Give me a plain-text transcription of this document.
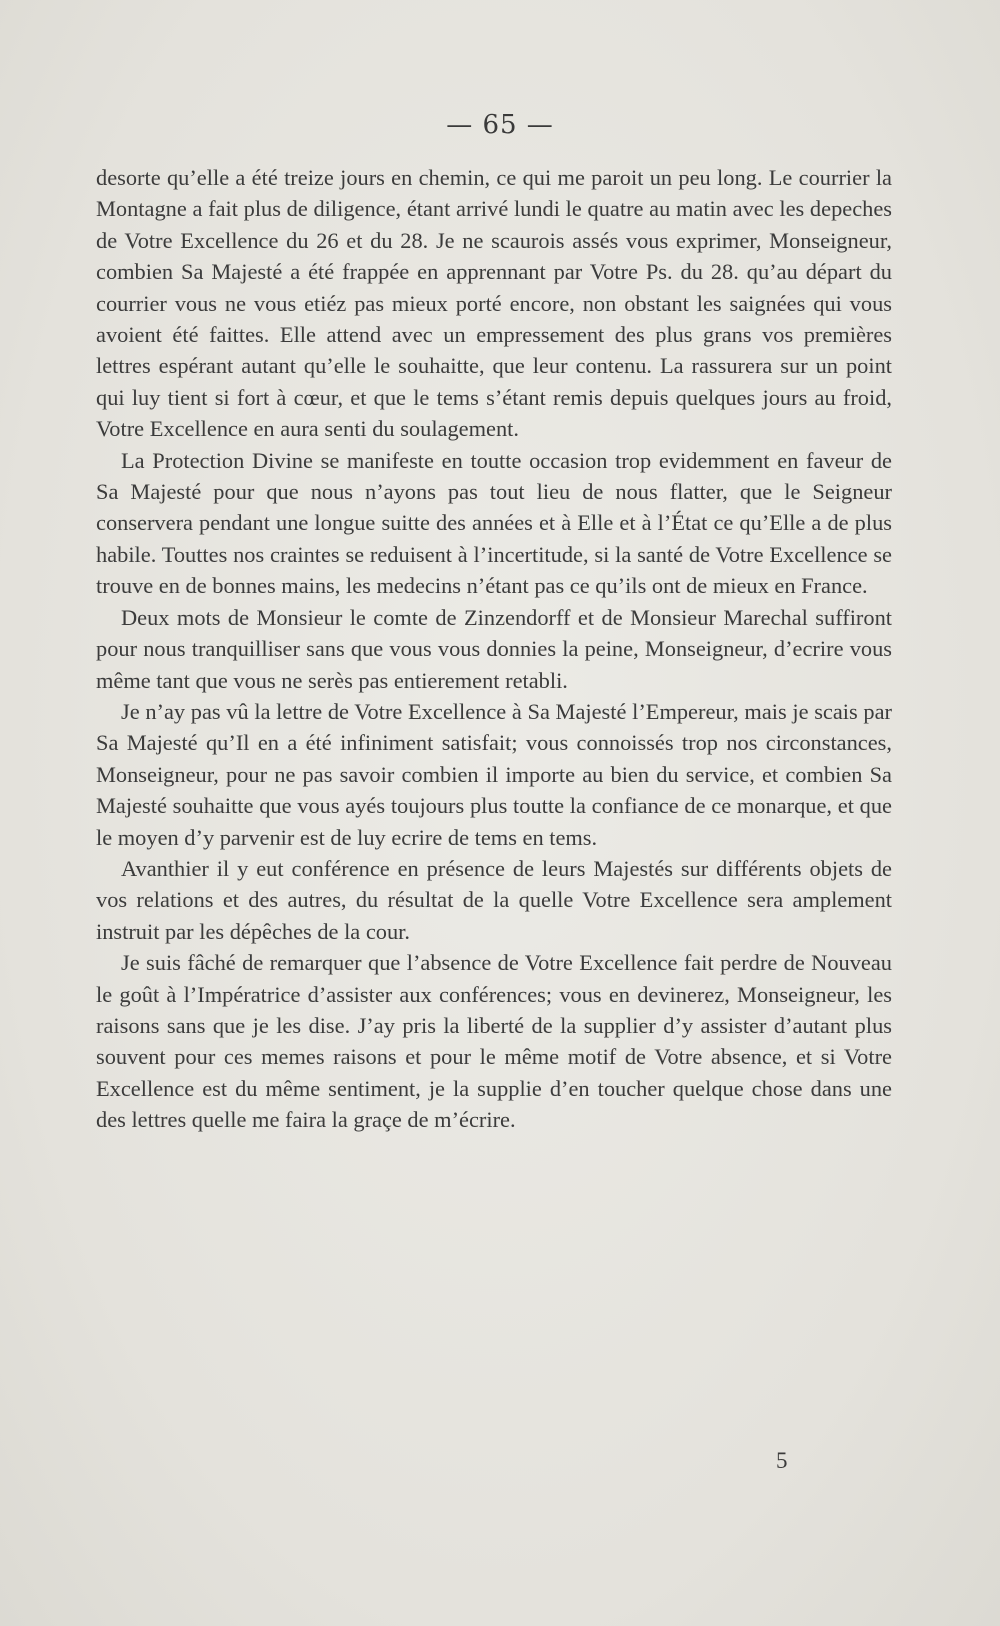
— 65 —

desorte qu’elle a été treize jours en chemin, ce qui me paroit un peu long. Le courrier la Montagne a fait plus de diligence, étant arrivé lundi le quatre au matin avec les depeches de Votre Excellence du 26 et du 28. Je ne scaurois assés vous exprimer, Monseigneur, combien Sa Majesté a été frappée en apprennant par Votre Ps. du 28. qu’au départ du courrier vous ne vous etiéz pas mieux porté encore, non obstant les saignées qui vous avoient été faittes. Elle attend avec un empressement des plus grans vos premières lettres espérant autant qu’elle le souhaitte, que leur contenu. La rassurera sur un point qui luy tient si fort à cœur, et que le tems s’étant remis depuis quelques jours au froid, Votre Excellence en aura senti du soulagement.

La Protection Divine se manifeste en toutte occasion trop evidemment en faveur de Sa Majesté pour que nous n’ayons pas tout lieu de nous flatter, que le Seigneur conservera pendant une longue suitte des années et à Elle et à l’État ce qu’Elle a de plus habile. Touttes nos craintes se reduisent à l’incertitude, si la santé de Votre Excellence se trouve en de bonnes mains, les medecins n’étant pas ce qu’ils ont de mieux en France.

Deux mots de Monsieur le comte de Zinzendorff et de Monsieur Marechal suffiront pour nous tranquilliser sans que vous vous donnies la peine, Monseigneur, d’ecrire vous même tant que vous ne serès pas entierement retabli.

Je n’ay pas vû la lettre de Votre Excellence à Sa Majesté l’Empereur, mais je scais par Sa Majesté qu’Il en a été infiniment satisfait; vous connoissés trop nos circonstances, Monseigneur, pour ne pas savoir combien il importe au bien du service, et combien Sa Majesté souhaitte que vous ayés toujours plus toutte la confiance de ce monarque, et que le moyen d’y parvenir est de luy ecrire de tems en tems.

Avanthier il y eut conférence en présence de leurs Majestés sur différents objets de vos relations et des autres, du résultat de la quelle Votre Excellence sera amplement instruit par les dépêches de la cour.

Je suis fâché de remarquer que l’absence de Votre Excellence fait perdre de Nouveau le goût à l’Impératrice d’assister aux conférences; vous en devinerez, Monseigneur, les raisons sans que je les dise. J’ay pris la liberté de la supplier d’y assister d’autant plus souvent pour ces memes raisons et pour le même motif de Votre absence, et si Votre Excellence est du même sentiment, je la supplie d’en toucher quelque chose dans une des lettres quelle me faira la graçe de m’écrire.

5
